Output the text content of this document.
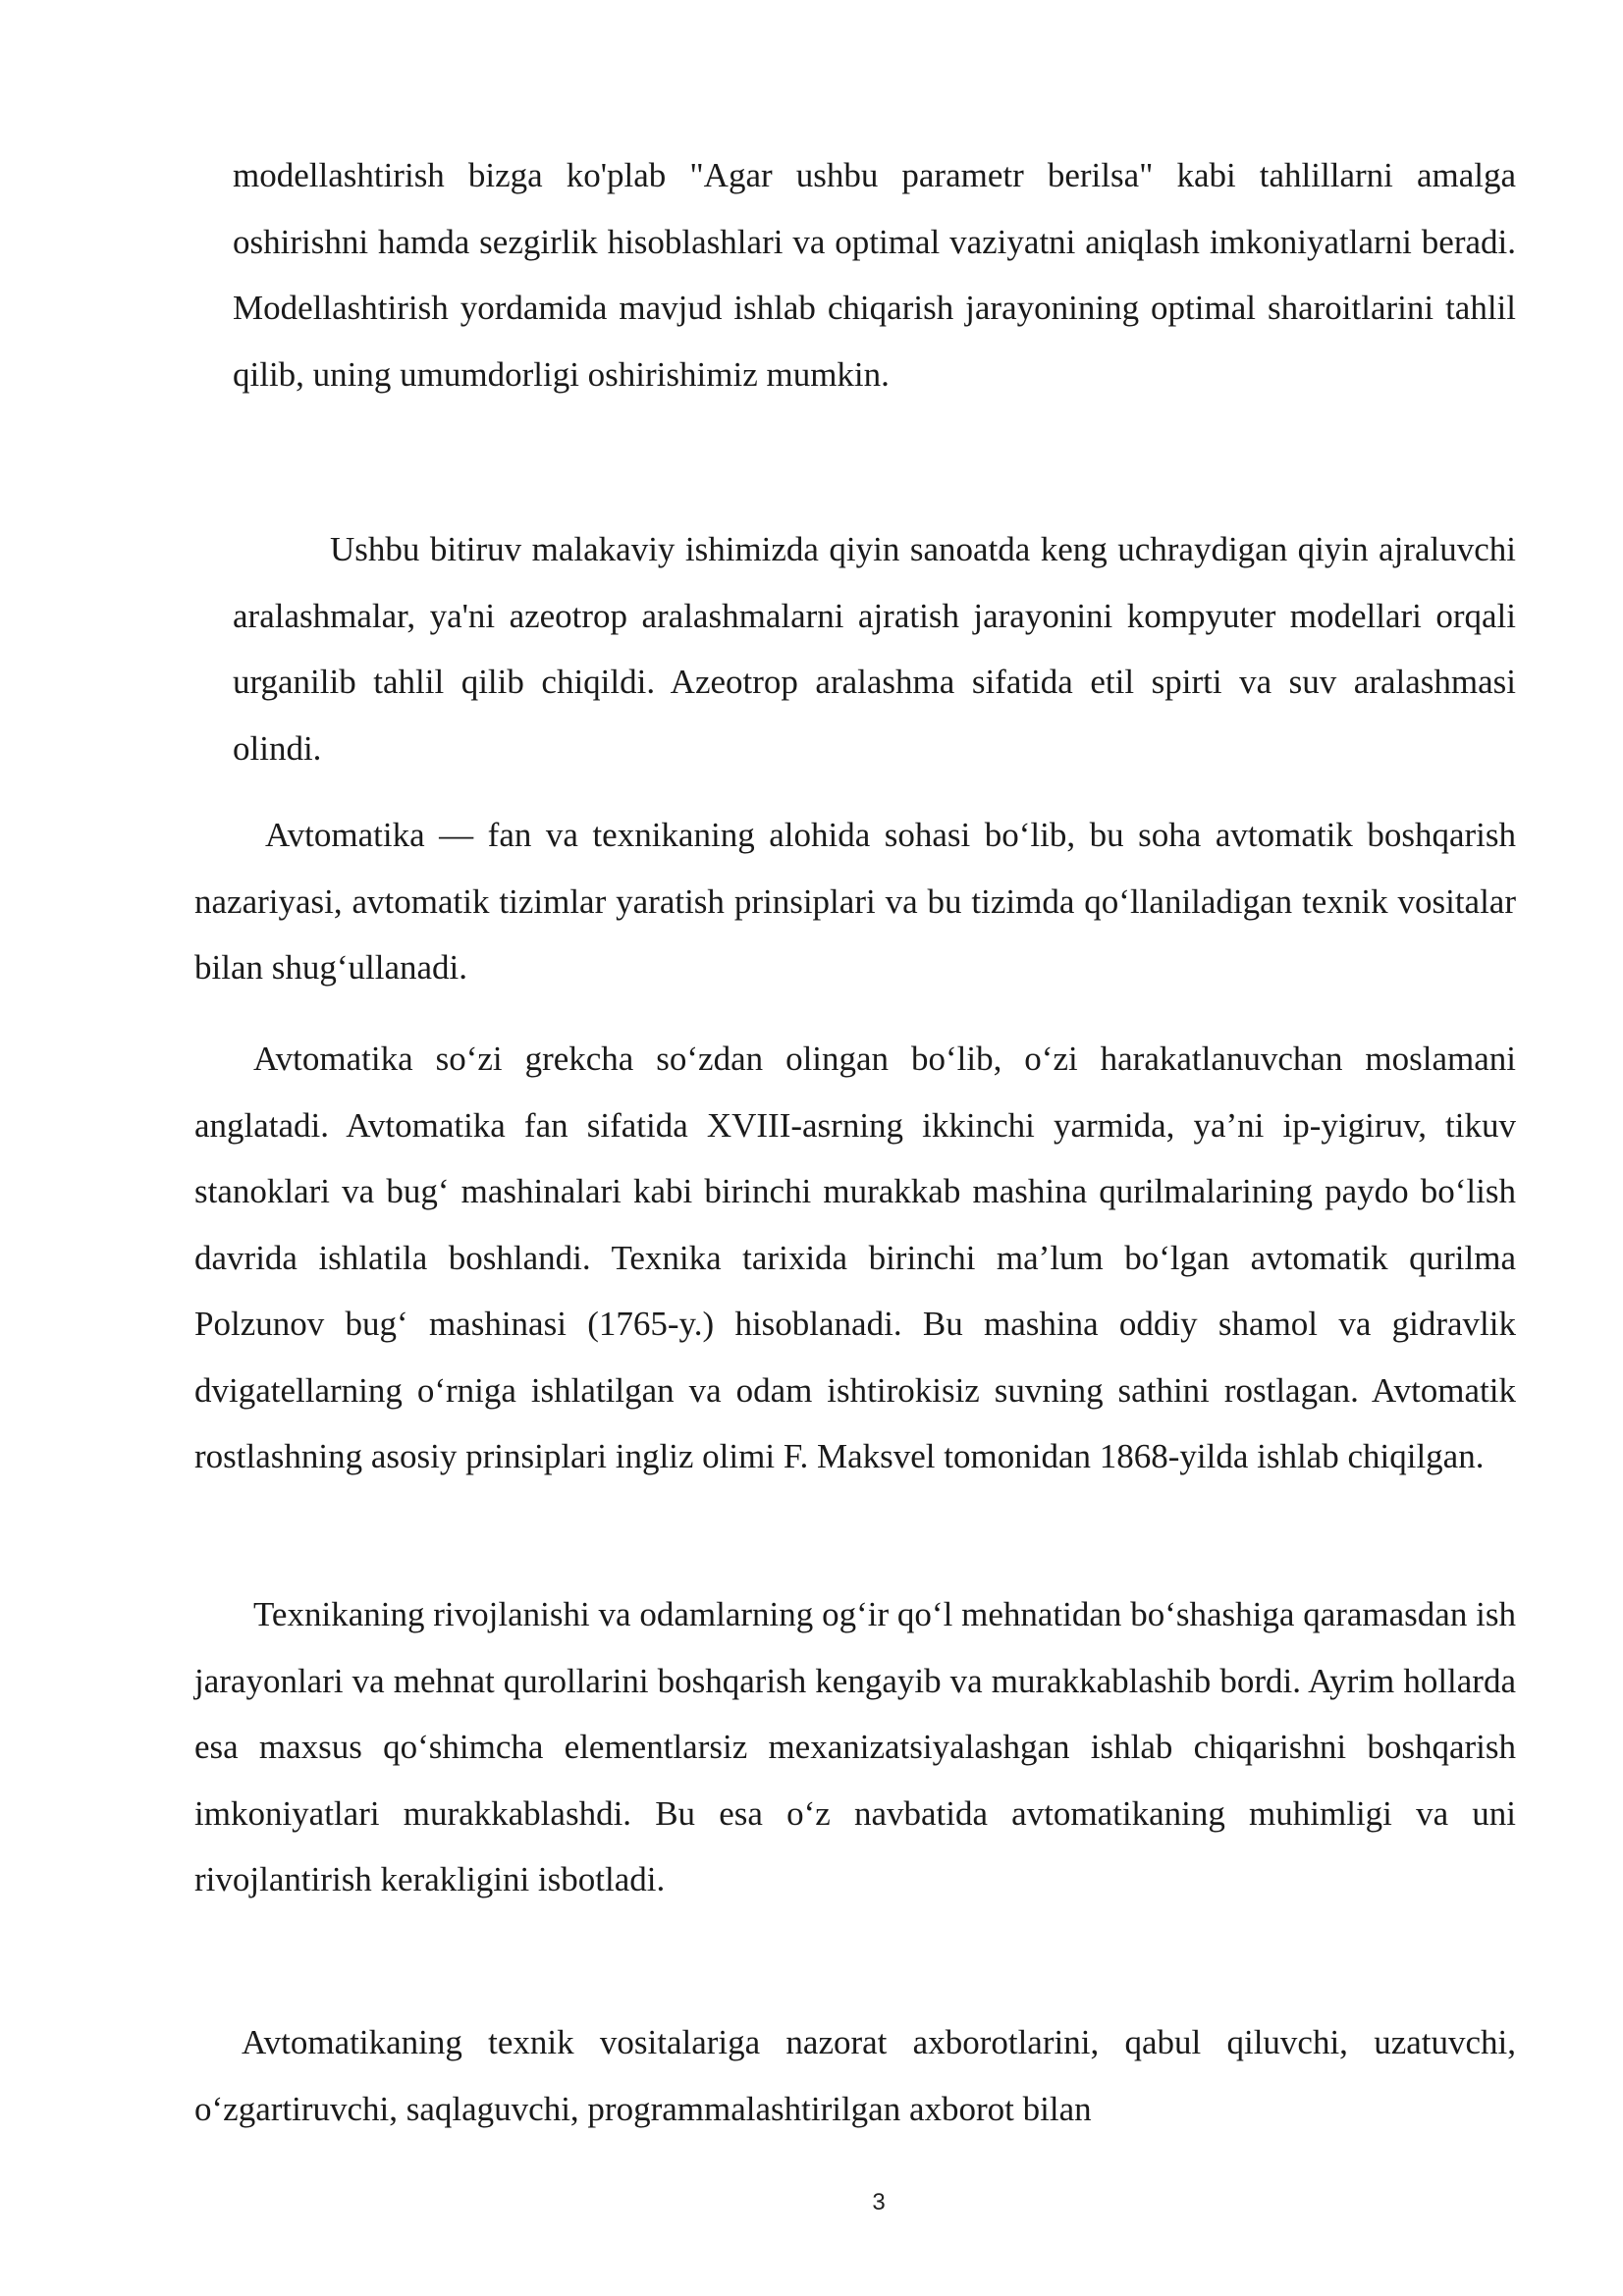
modellashtirish bizga ko'plab "Agar ushbu parametr berilsa" kabi tahlillarni amalga oshirishni hamda sezgirlik hisoblashlari va optimal vaziyatni aniqlash imkoniyatlarni beradi. Modellashtirish yordamida mavjud ishlab chiqarish jarayonining optimal sharoitlarini tahlil qilib, uning umumdorligi oshirishimiz mumkin.

Ushbu bitiruv malakaviy ishimizda qiyin sanoatda keng uchraydigan qiyin ajraluvchi aralashmalar, ya'ni azeotrop aralashmalarni ajratish jarayonini kompyuter modellari orqali urganilib tahlil qilib chiqildi. Azeotrop aralashma sifatida etil spirti va suv aralashmasi olindi.

Avtomatika — fan va texnikaning alohida sohasi bo‘lib, bu soha avtomatik boshqarish nazariyasi, avtomatik tizimlar yaratish prinsiplari va bu tizimda qo‘llaniladigan texnik vositalar bilan shug‘ullanadi.

Avtomatika so‘zi grekcha so‘zdan olingan bo‘lib, o‘zi harakatlanuvchan moslamani anglatadi. Avtomatika fan sifatida XVIII-asrning ikkinchi yarmida, ya’ni ip-yigiruv, tikuv stanoklari va bug‘ mashinalari kabi birinchi murakkab mashina qurilmalarining paydo bo‘lish davrida ishlatila boshlandi. Texnika tarixida birinchi ma’lum bo‘lgan avtomatik qurilma Polzunov bug‘ mashinasi (1765-y.) hisoblanadi. Bu mashina oddiy shamol va gidravlik dvigatellarning o‘rniga ishlatilgan va odam ishtirokisiz suvning sathini rostlagan. Avtomatik rostlashning asosiy prinsiplari ingliz olimi F. Maksvel tomonidan 1868-yilda ishlab chiqilgan.

Texnikaning rivojlanishi va odamlarning og‘ir qo‘l mehnatidan bo‘shashiga qaramasdan ish jarayonlari va mehnat qurollarini boshqarish kengayib va murakkablashib bordi. Ayrim hollarda esa maxsus qo‘shimcha elementlarsiz mexanizatsiyalashgan ishlab chiqarishni boshqarish imkoniyatlari murakkablashdi. Bu esa o‘z navbatida avtomatikaning muhimligi va uni rivojlantirish kerakligini isbotladi.

Avtomatikaning texnik vositalariga nazorat axborotlarini, qabul qiluvchi, uzatuvchi, o‘zgartiruvchi, saqlaguvchi, programmalashtirilgan axborot bilan

3
